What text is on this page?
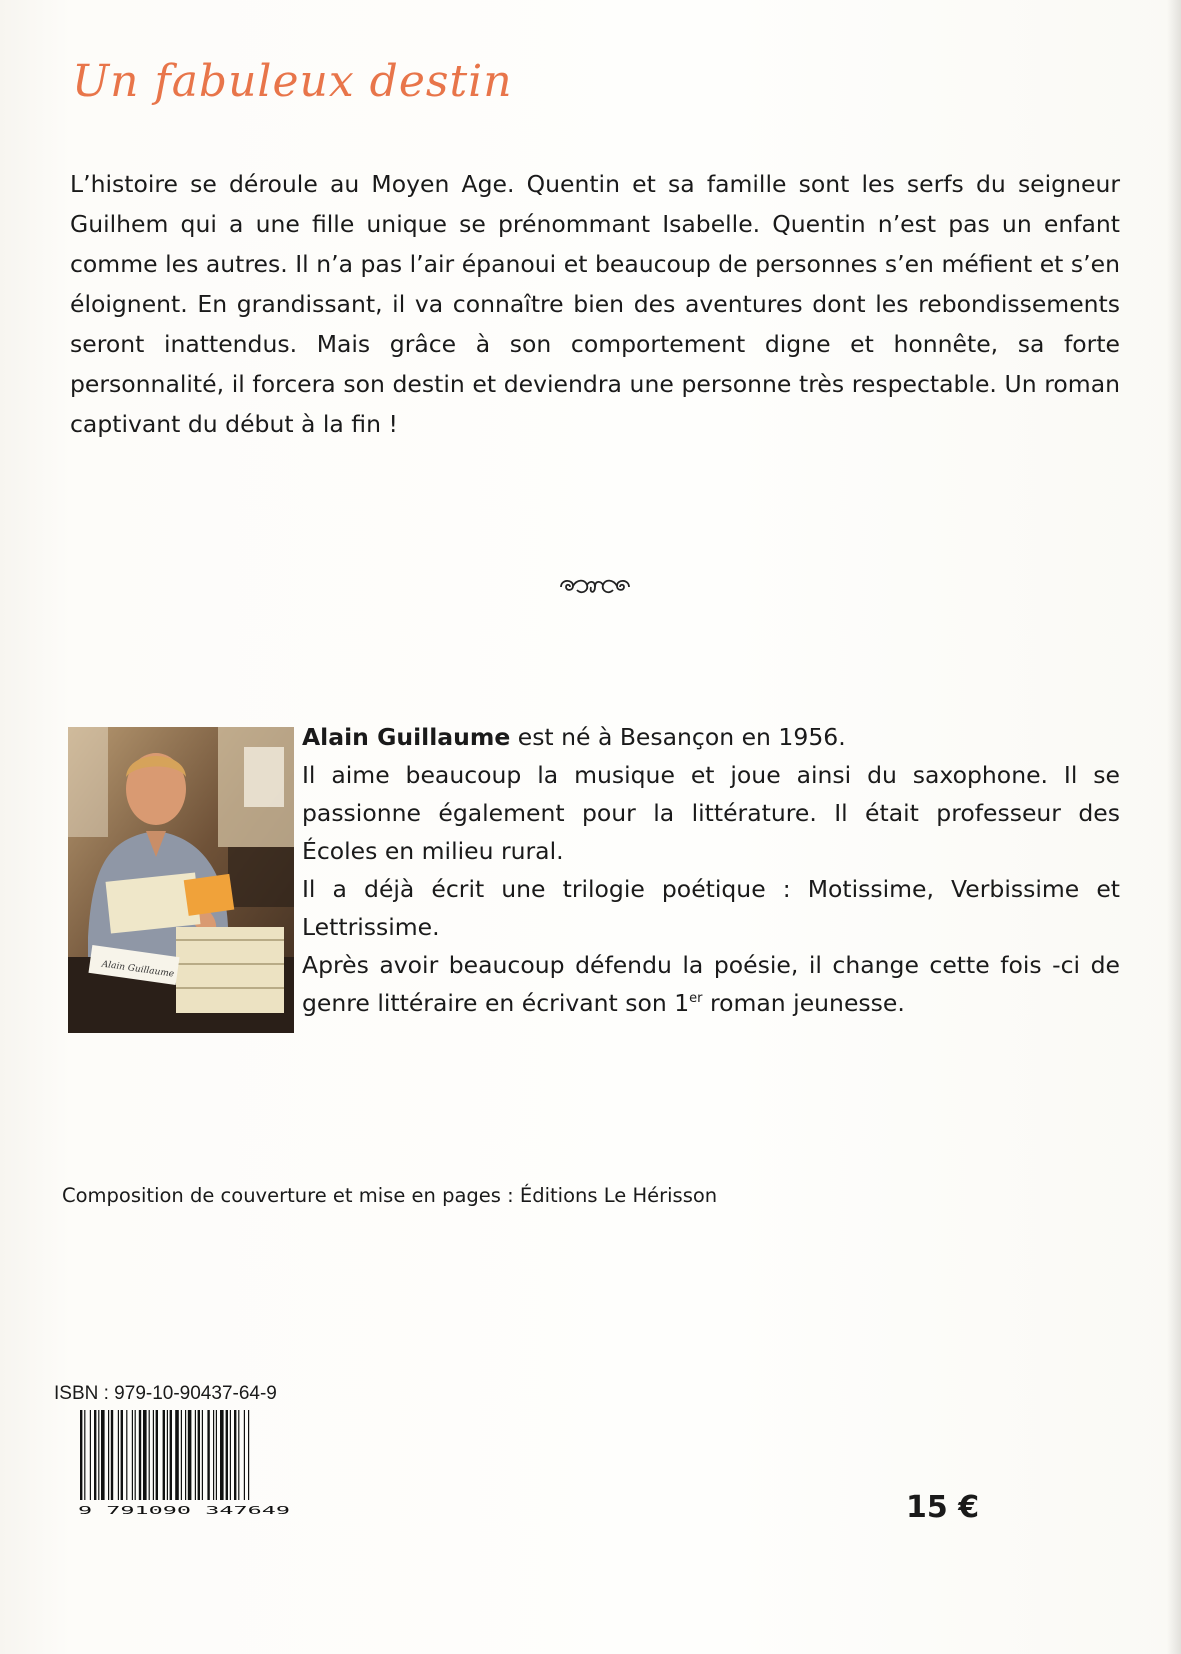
Un fabuleux destin

L’histoire se déroule au Moyen Age. Quentin et sa famille sont les serfs du seigneur Guilhem qui a une fille unique se prénommant Isabelle. Quentin n’est pas un enfant comme les autres. Il n’a pas l’air épanoui et beaucoup de personnes s’en méfient et s’en éloignent. En grandissant, il va connaître bien des aventures dont les rebondissements seront inattendus. Mais grâce à son comportement digne et honnête, sa forte personnalité, il forcera son destin et deviendra une personne très respectable. Un roman captivant du début à la fin !

Alain Guillaume

Alain Guillaume est né à Besançon en 1956.

Il aime beaucoup la musique et joue ainsi du saxophone. Il se passionne également pour la littérature. Il était professeur des Écoles en milieu rural.

Il a déjà écrit une trilogie poétique : Motissime, Verbissime et Lettrissime.

Après avoir beaucoup défendu la poésie, il change cette fois -ci de genre littéraire en écrivant son 1er roman jeunesse.

Composition de couverture et mise en pages : Éditions Le Hérisson

ISBN : 979-10-90437-64-9

9 791090 347649	15 €
